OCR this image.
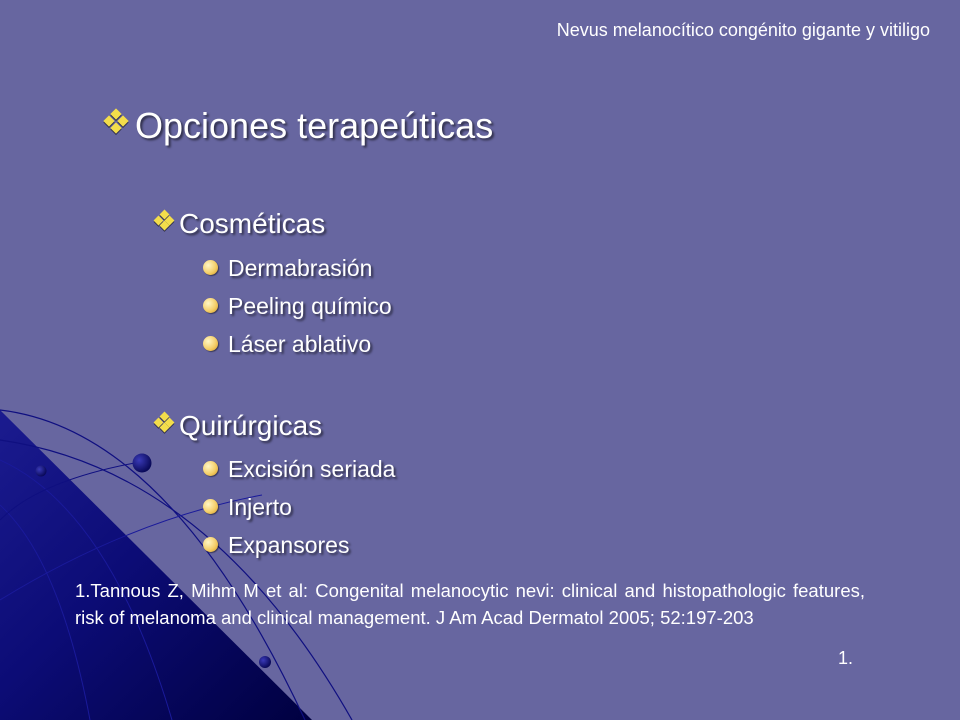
Nevus melanocítico congénito gigante y vitiligo
Opciones terapeúticas
Cosméticas
Dermabrasión
Peeling químico
Láser ablativo
Quirúrgicas
Excisión seriada
Injerto
Expansores
1.Tannous Z, Mihm M et al: Congenital melanocytic nevi: clinical and histopathologic features, risk of melanoma and clinical management. J Am Acad Dermatol 2005; 52:197-203
1.
